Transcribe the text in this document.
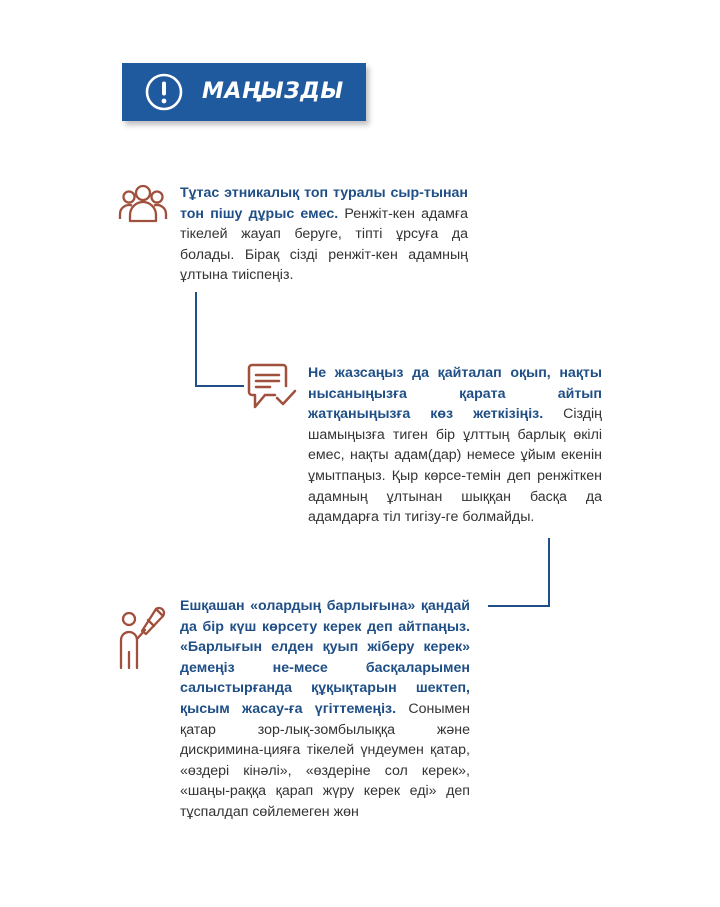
МАҢЫЗДЫ

Тұтас этникалық топ туралы сыр-тынан тон пішу дұрыс емес. Ренжіт-кен адамға тікелей жауап беруге, тіпті ұрсуға да болады. Бірақ сізді ренжіт-кен адамның ұлтына тиіспеңіз.

Не жазсаңыз да қайталап оқып, нақты нысаныңызға қарата айтып жатқаныңызға көз жеткізіңіз. Сіздің шамыңызға тиген бір ұлттың барлық өкілі емес, нақты адам(дар) немесе ұйым екенін ұмытпаңыз. Қыр көрсе-темін деп ренжіткен адамның ұлтынан шыққан басқа да адамдарға тіл тигізу-ге болмайды.

Ешқашан «олардың барлығына» қандай да бір күш көрсету керек деп айтпаңыз. «Барлығын елден қуып жіберу керек» демеңіз не-месе басқаларымен салыстырғанда құқықтарын шектеп, қысым жасау-ға үгіттемеңіз. Сонымен қатар зор-лық-зомбылыққа және дискримина-цияға тікелей үндеумен қатар, «өздері кінәлі», «өздеріне сол керек», «шаңы-раққа қарап жүру керек еді» деп тұспалдап сөйлемеген жөн
